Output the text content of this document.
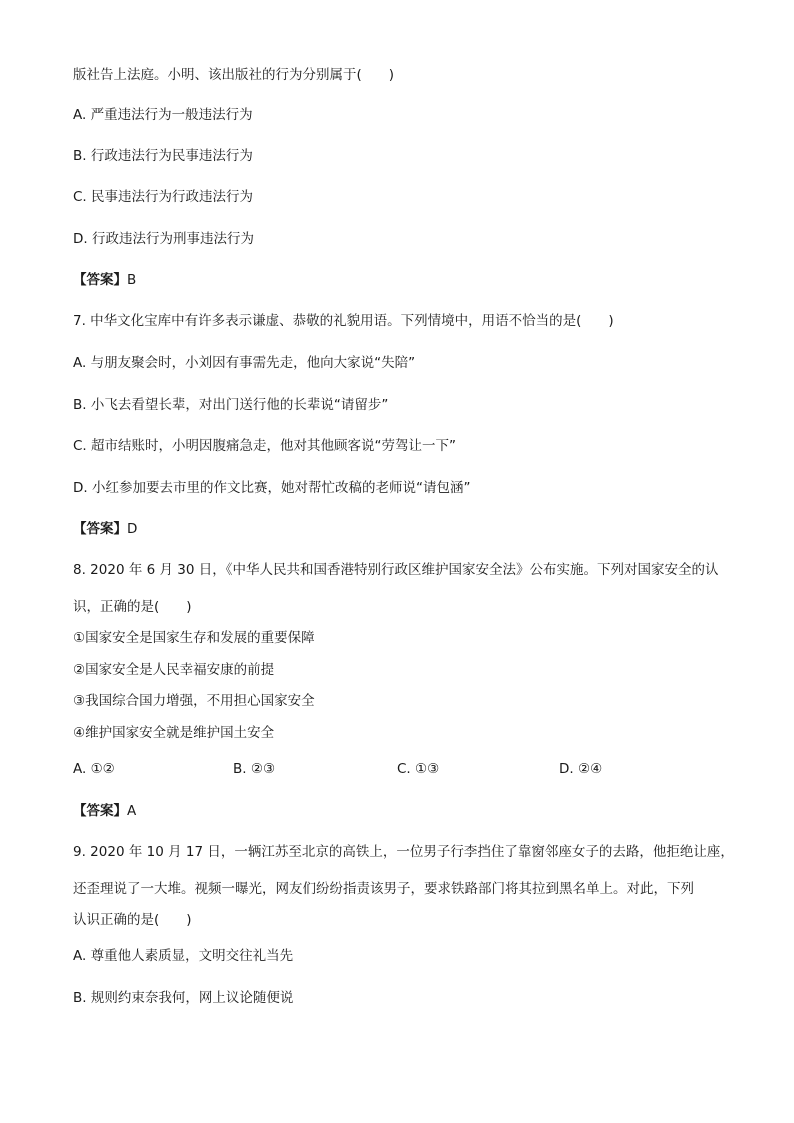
版社告上法庭。小明、该出版社的行为分别属于(　　)
A. 严重违法行为一般违法行为
B. 行政违法行为民事违法行为
C. 民事违法行为行政违法行为
D. 行政违法行为刑事违法行为
【答案】B
7. 中华文化宝库中有许多表示谦虚、恭敬的礼貌用语。下列情境中，用语不恰当的是(　　)
A. 与朋友聚会时，小刘因有事需先走，他向大家说“失陪”
B. 小飞去看望长辈，对出门送行他的长辈说“请留步”
C. 超市结账时，小明因腹痛急走，他对其他顾客说“劳驾让一下”
D. 小红参加要去市里的作文比赛，她对帮忙改稿的老师说“请包涵”
【答案】D
8. 2020 年 6 月 30 日，《中华人民共和国香港特别行政区维护国家安全法》公布实施。下列对国家安全的认
识，正确的是(　　)
①国家安全是国家生存和发展的重要保障
②国家安全是人民幸福安康的前提
③我国综合国力增强，不用担心国家安全
④维护国家安全就是维护国土安全
A. ①②	B. ②③	C. ①③	D. ②④
【答案】A
9. 2020 年 10 月 17 日，一辆江苏至北京的高铁上，一位男子行李挡住了靠窗邻座女子的去路，他拒绝让座，
还歪理说了一大堆。视频一曝光，网友们纷纷指责该男子，要求铁路部门将其拉到黑名单上。对此，下列
认识正确的是(　　)
A. 尊重他人素质显，文明交往礼当先
B. 规则约束奈我何，网上议论随便说
